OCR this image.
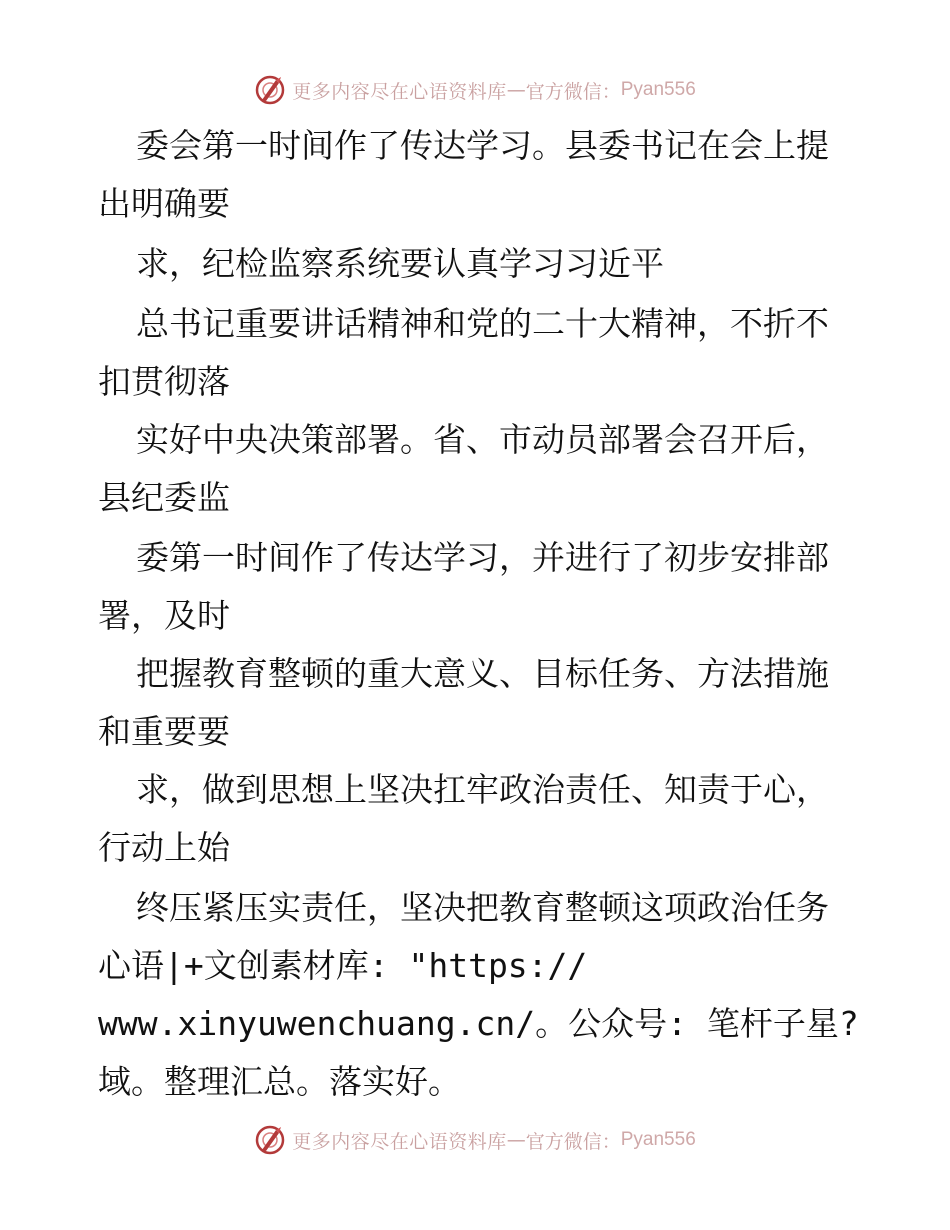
更多内容尽在心语资料库 — 官方微信： Pyan556
委会第一时间作了传达学习。县委书记在会上提
出明确要
求，纪检监察系统要认真学习习近平
总书记重要讲话精神和党的二十大精神，不折不
扣贯彻落
实好中央决策部署。省、市动员部署会召开后，
县纪委监
委第一时间作了传达学习，并进行了初步安排部
署，及时
把握教育整顿的重大意义、目标任务、方法措施
和重要要
求，做到思想上坚决扛牢政治责任、知责于心，
行动上始
终压紧压实责任，坚决把教育整顿这项政治任务
心语|+文创素材库: "https://
www.xinyuwenchuang.cn/。公众号: 笔杆子星?
域。整理汇总。落实好。
更多内容尽在心语资料库 — 官方微信： Pyan556
